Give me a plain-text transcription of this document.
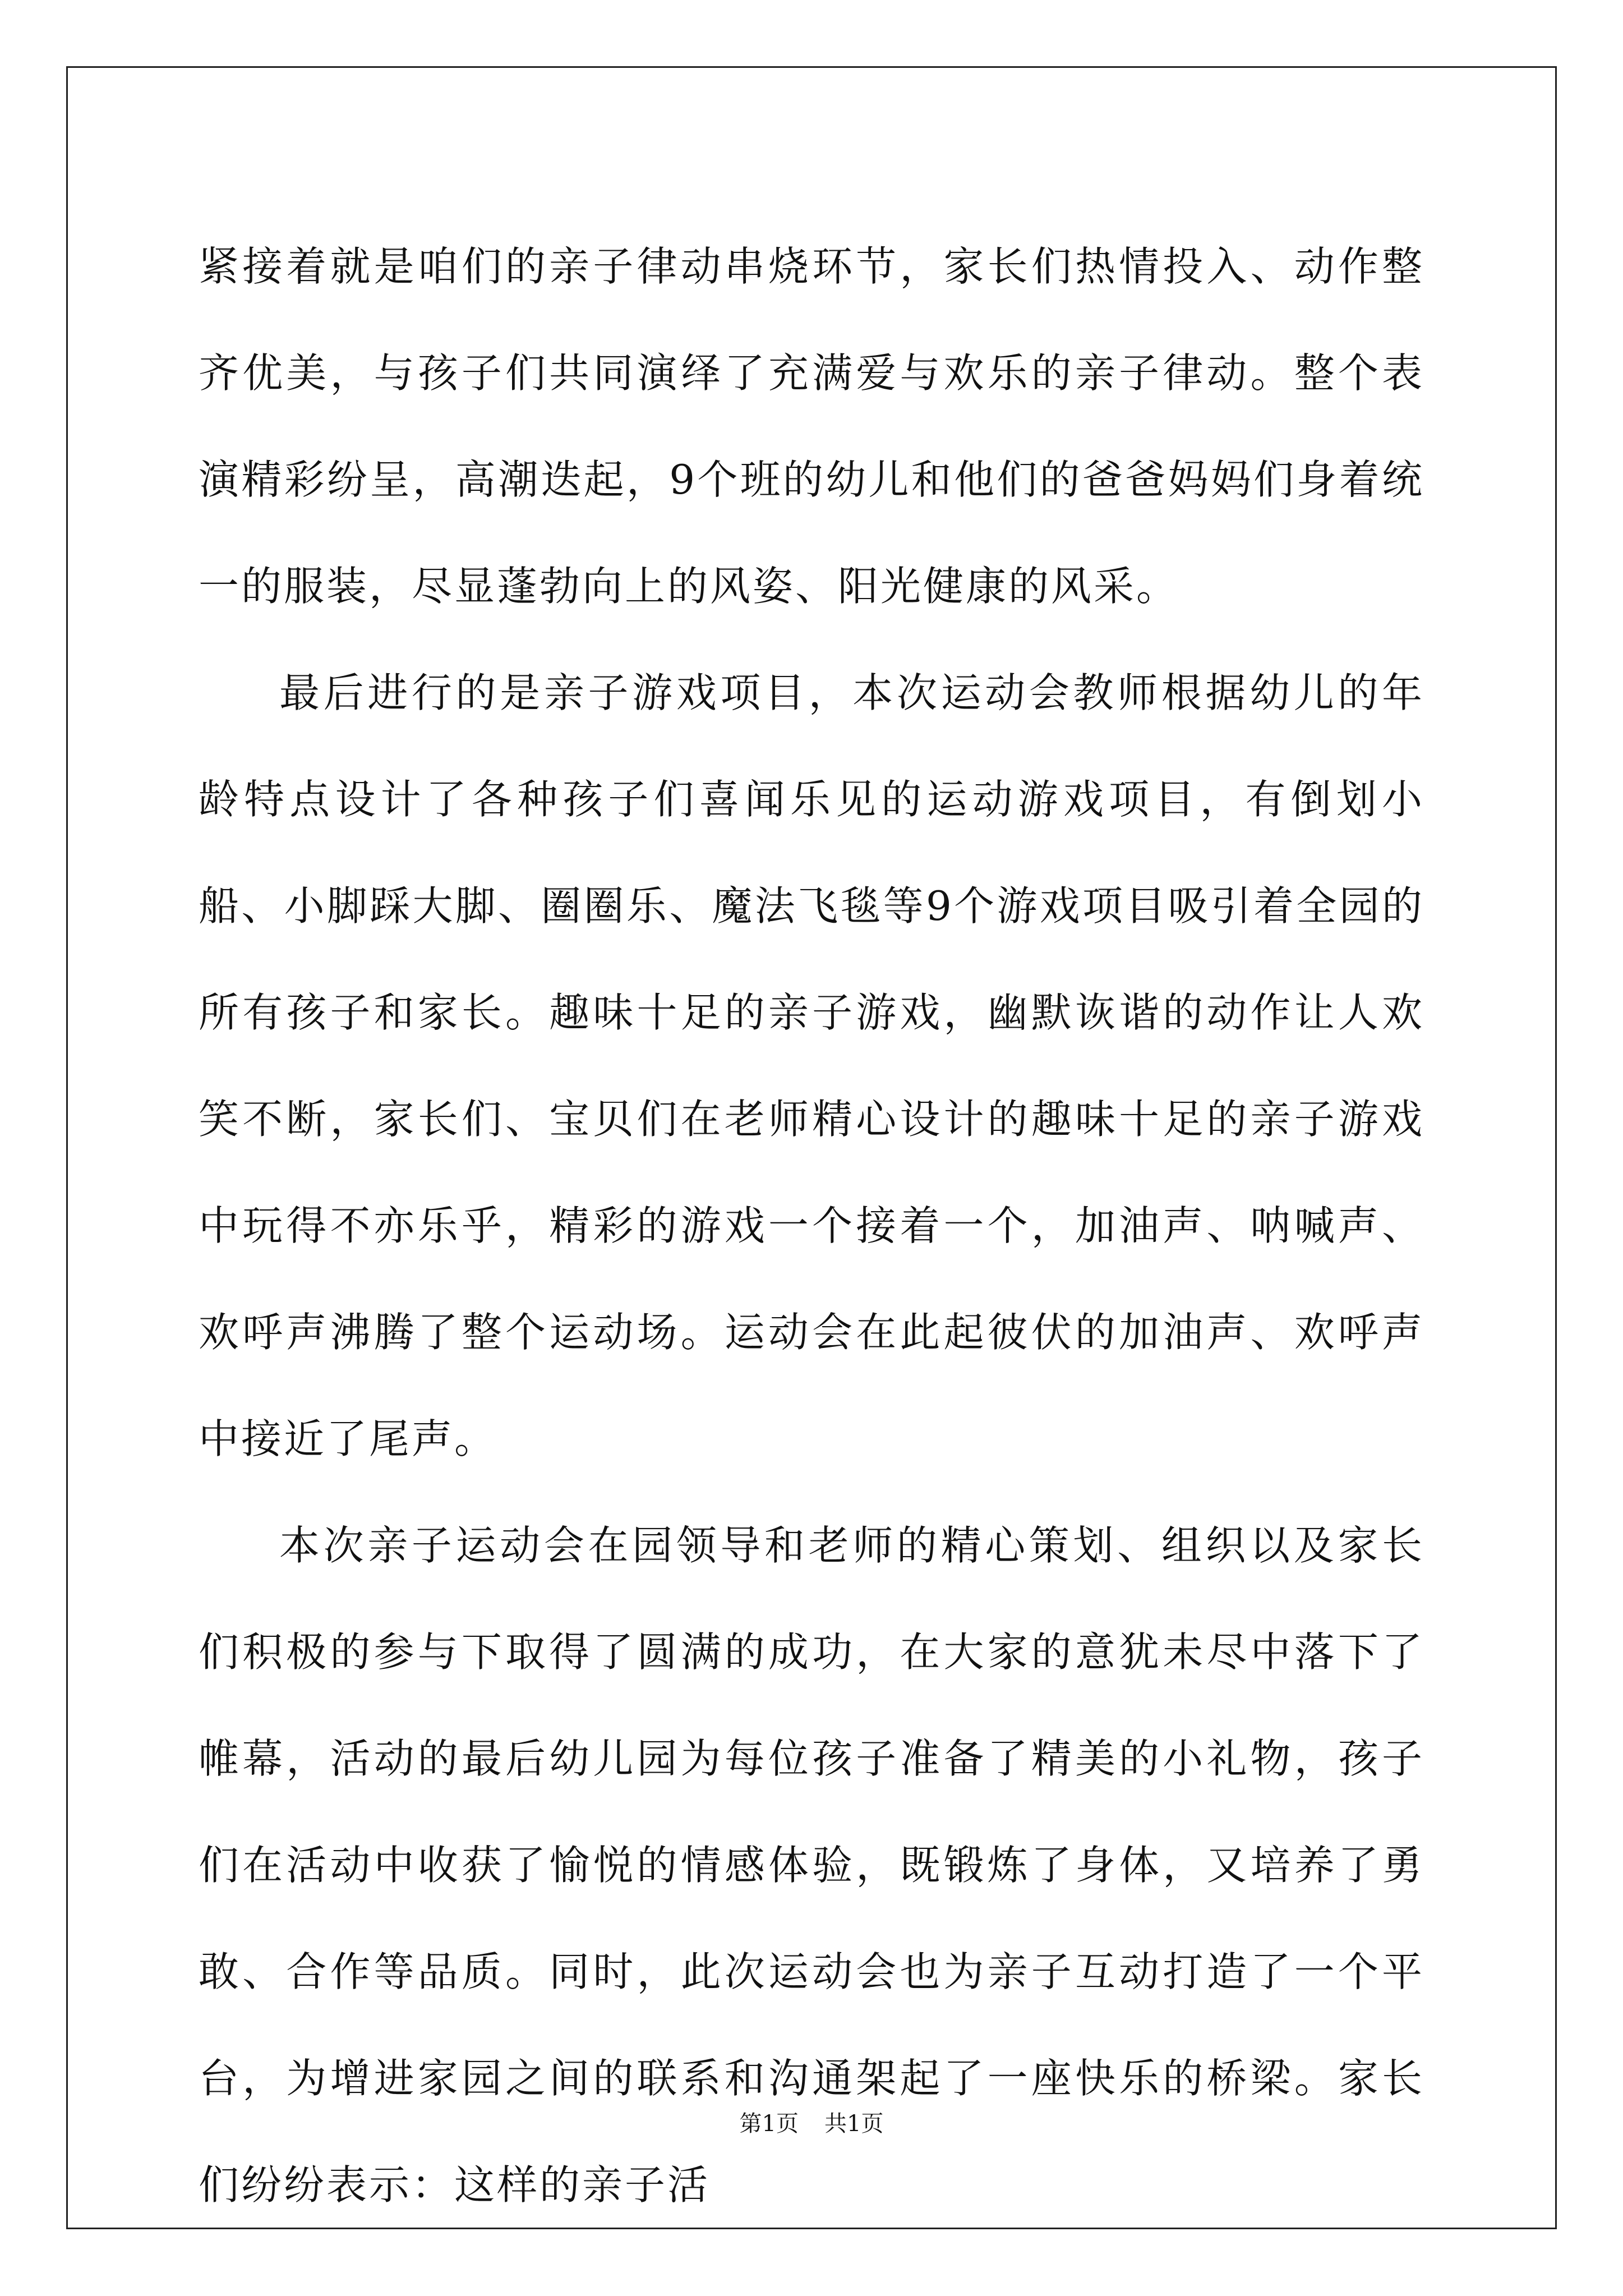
紧接着就是咱们的亲子律动串烧环节，家长们热情投入、动作整齐优美，与孩子们共同演绎了充满爱与欢乐的亲子律动。整个表演精彩纷呈，高潮迭起，9个班的幼儿和他们的爸爸妈妈们身着统一的服装，尽显蓬勃向上的风姿、阳光健康的风采。

最后进行的是亲子游戏项目，本次运动会教师根据幼儿的年龄特点设计了各种孩子们喜闻乐见的运动游戏项目，有倒划小船、小脚踩大脚、圈圈乐、魔法飞毯等9个游戏项目吸引着全园的所有孩子和家长。趣味十足的亲子游戏，幽默诙谐的动作让人欢笑不断，家长们、宝贝们在老师精心设计的趣味十足的亲子游戏中玩得不亦乐乎，精彩的游戏一个接着一个，加油声、呐喊声、欢呼声沸腾了整个运动场。运动会在此起彼伏的加油声、欢呼声中接近了尾声。

本次亲子运动会在园领导和老师的精心策划、组织以及家长们积极的参与下取得了圆满的成功，在大家的意犹未尽中落下了帷幕，活动的最后幼儿园为每位孩子准备了精美的小礼物，孩子们在活动中收获了愉悦的情感体验，既锻炼了身体，又培养了勇敢、合作等品质。同时，此次运动会也为亲子互动打造了一个平台，为增进家园之间的联系和沟通架起了一座快乐的桥梁。家长们纷纷表示：这样的亲子活

第1页 共1页
